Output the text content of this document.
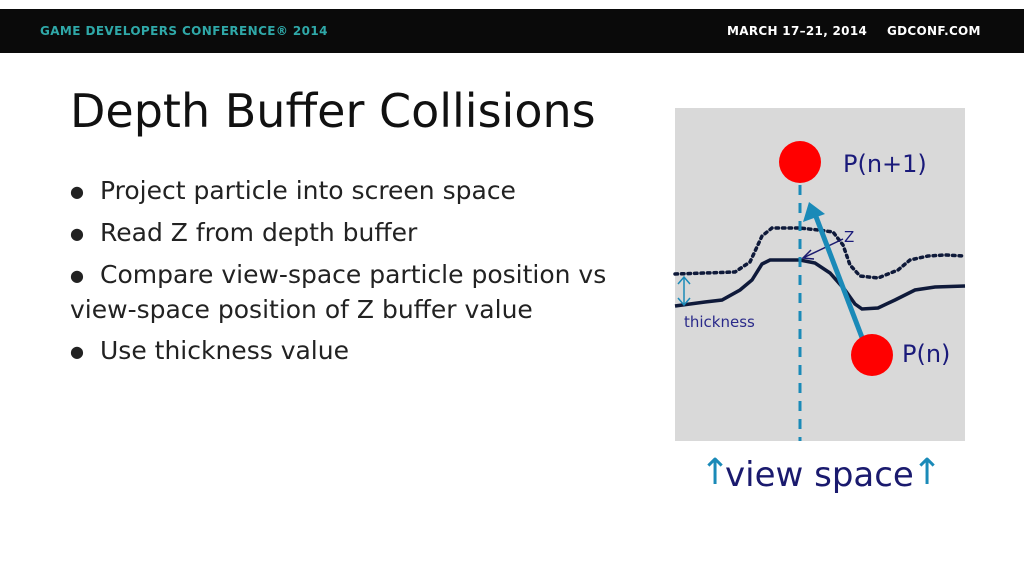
GAME DEVELOPERS CONFERENCE® 2014	MARCH 17–21, 2014 GDCONF.COM
Depth Buffer Collisions
● Project particle into screen space
● Read Z from depth buffer
● Compare view-space particle position vs view-space position of Z buffer value
● Use thickness value
P(n+1)
P(n)
Z
thickness
↑
view space
↑
